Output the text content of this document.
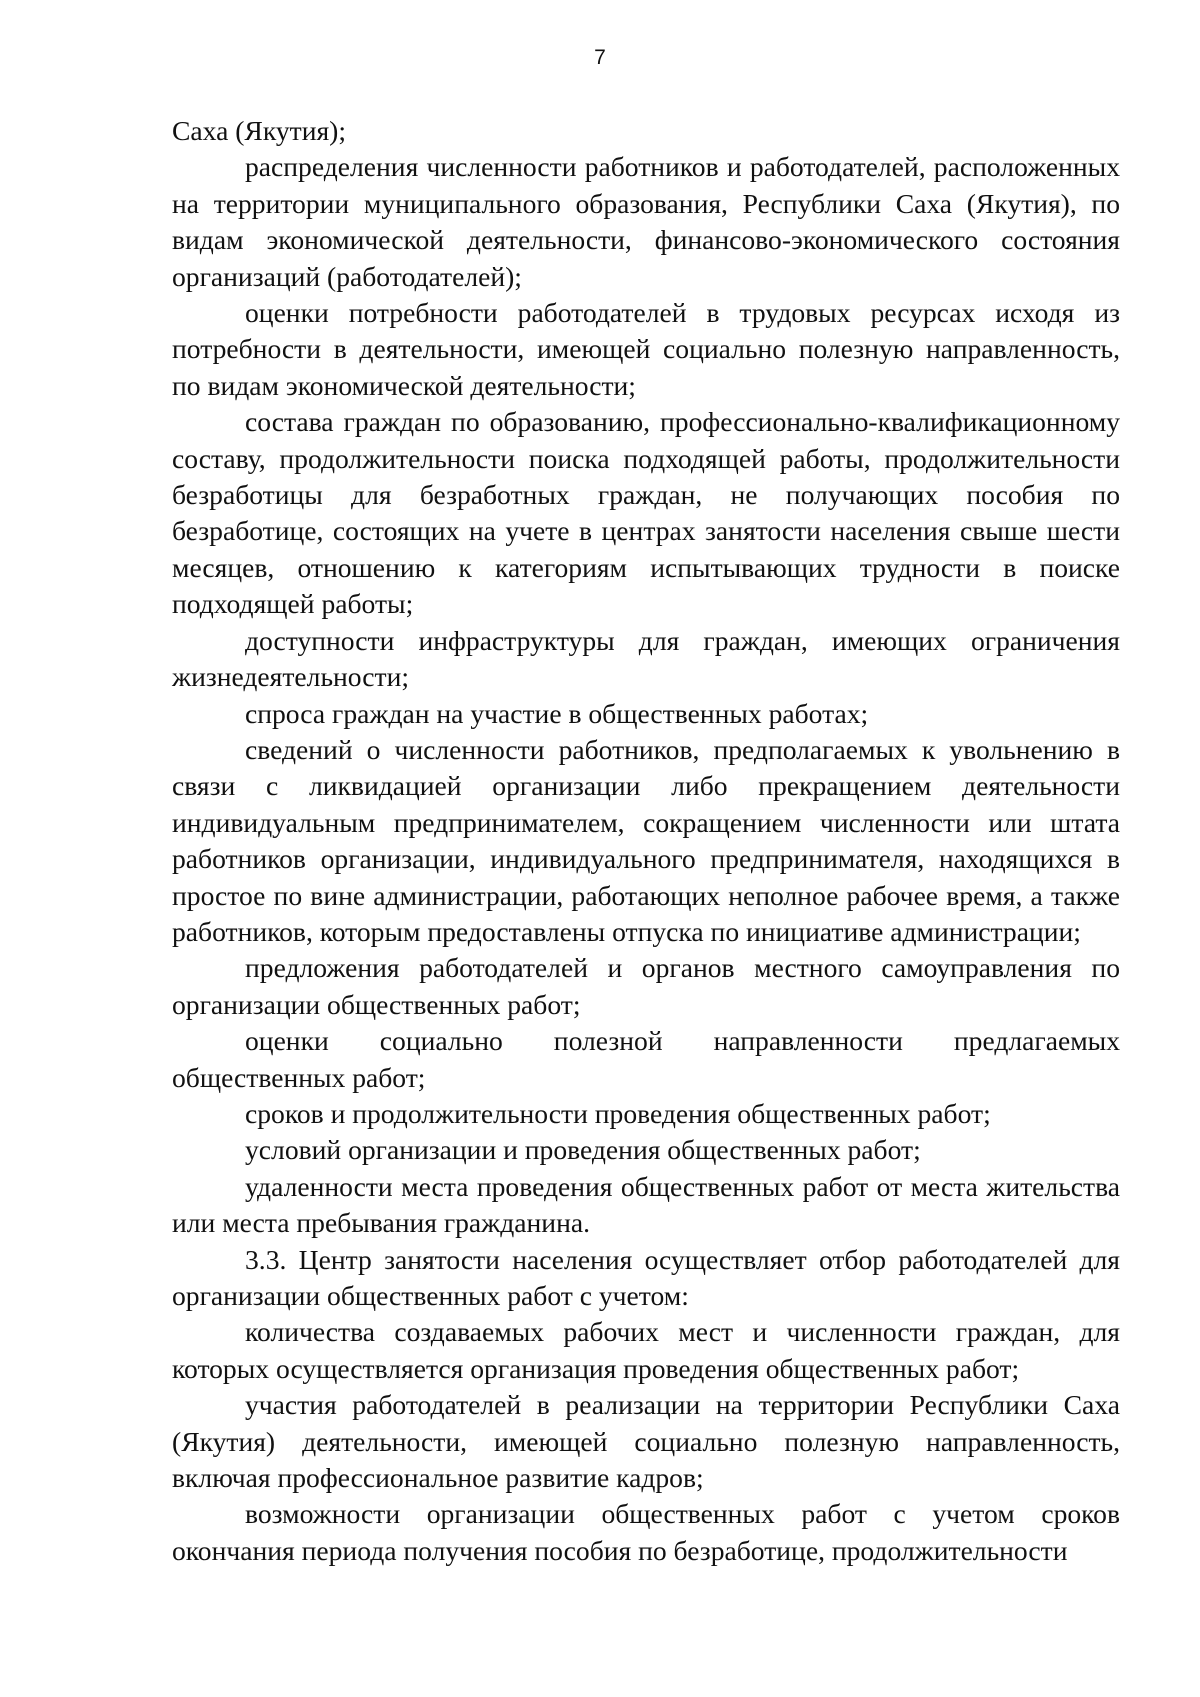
7

Саха (Якутия);

распределения численности работников и работодателей, расположенных на территории муниципального образования, Республики Саха (Якутия), по видам экономической деятельности, финансово-экономического состояния организаций (работодателей);

оценки потребности работодателей в трудовых ресурсах исходя из потребности в деятельности, имеющей социально полезную направленность, по видам экономической деятельности;

состава граждан по образованию, профессионально-квалификационному составу, продолжительности поиска подходящей работы, продолжительности безработицы для безработных граждан, не получающих пособия по безработице, состоящих на учете в центрах занятости населения свыше шести месяцев, отношению к категориям испытывающих трудности в поиске подходящей работы;

доступности инфраструктуры для граждан, имеющих ограничения жизнедеятельности;

спроса граждан на участие в общественных работах;

сведений о численности работников, предполагаемых к увольнению в связи с ликвидацией организации либо прекращением деятельности индивидуальным предпринимателем, сокращением численности или штата работников организации, индивидуального предпринимателя, находящихся в простое по вине администрации, работающих неполное рабочее время, а также работников, которым предоставлены отпуска по инициативе администрации;

предложения работодателей и органов местного самоуправления по организации общественных работ;

оценки социально полезной направленности предлагаемых общественных работ;

сроков и продолжительности проведения общественных работ;

условий организации и проведения общественных работ;

удаленности места проведения общественных работ от места жительства или места пребывания гражданина.

3.3. Центр занятости населения осуществляет отбор работодателей для организации общественных работ с учетом:

количества создаваемых рабочих мест и численности граждан, для которых осуществляется организация проведения общественных работ;

участия работодателей в реализации на территории Республики Саха (Якутия) деятельности, имеющей социально полезную направленность, включая профессиональное развитие кадров;

возможности организации общественных работ с учетом сроков окончания периода получения пособия по безработице, продолжительности
